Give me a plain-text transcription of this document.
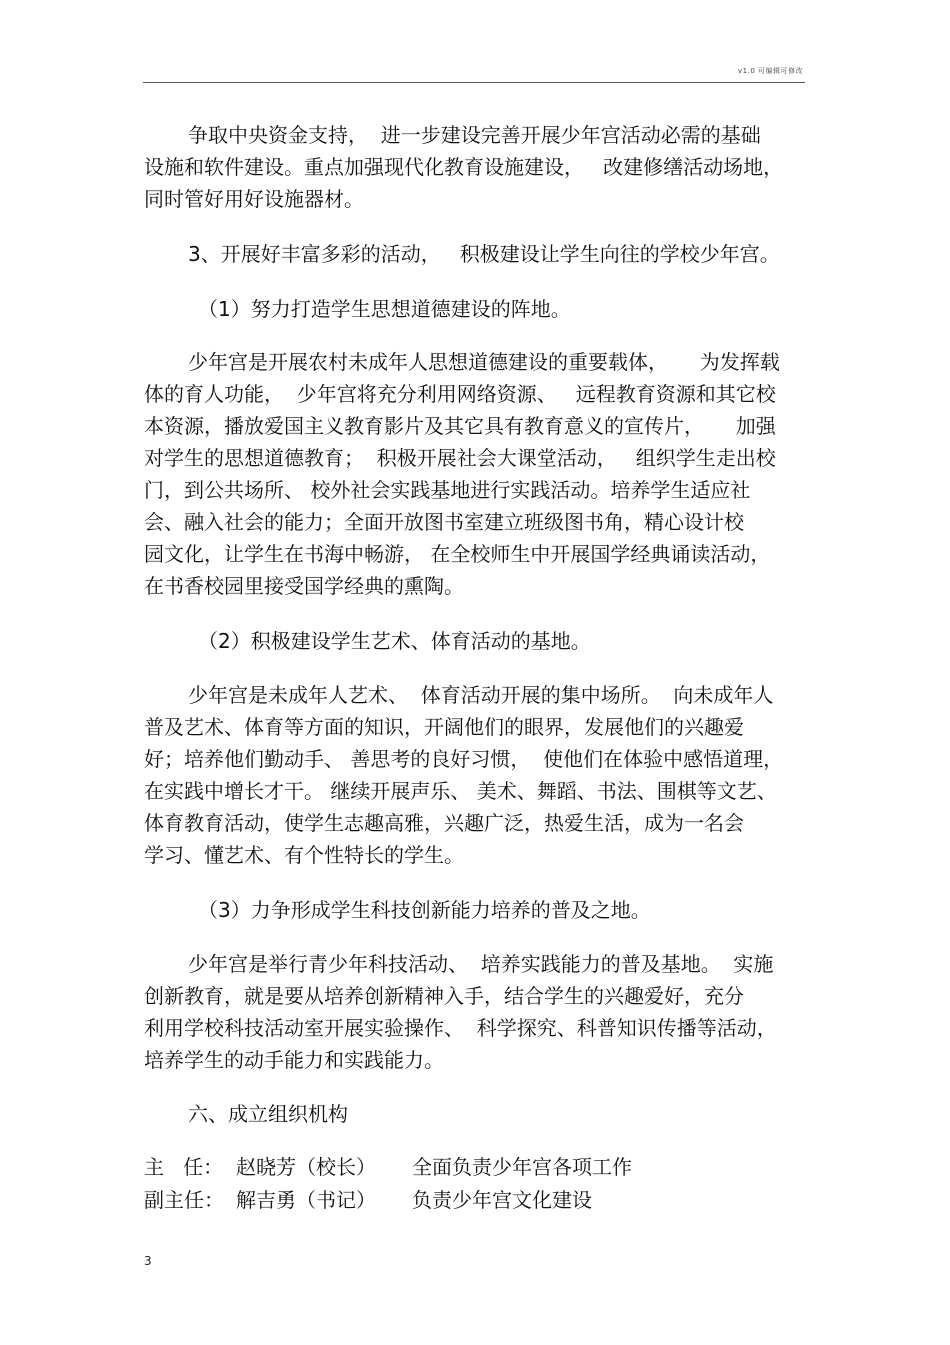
v1.0 可编辑可修改
争取中央资金支持，  进一步建设完善开展少年宫活动必需的基础
设施和软件建设。重点加强现代化教育设施建设，   改建修缮活动场地，
同时管好用好设施器材。
3、开展好丰富多彩的活动，   积极建设让学生向往的学校少年宫。
（1）努力打造学生思想道德建设的阵地。
少年宫是开展农村未成年人思想道德建设的重要载体，     为发挥载
体的育人功能，  少年宫将充分利用网络资源、   远程教育资源和其它校
本资源，播放爱国主义教育影片及其它具有教育意义的宣传片，     加强
对学生的思想道德教育；  积极开展社会大课堂活动，   组织学生走出校
门，到公共场所、 校外社会实践基地进行实践活动。培养学生适应社
会、融入社会的能力；全面开放图书室建立班级图书角，精心设计校
园文化，让学生在书海中畅游， 在全校师生中开展国学经典诵读活动，
在书香校园里接受国学经典的熏陶。
（2）积极建设学生艺术、体育活动的基地。
少年宫是未成年人艺术、  体育活动开展的集中场所。  向未成年人
普及艺术、体育等方面的知识，开阔他们的眼界，发展他们的兴趣爱
好；培养他们勤动手、 善思考的良好习惯，  使他们在体验中感悟道理，
在实践中增长才干。 继续开展声乐、 美术、舞蹈、书法、围棋等文艺、
体育教育活动，使学生志趣高雅，兴趣广泛，热爱生活，成为一名会
学习、懂艺术、有个性特长的学生。
（3）力争形成学生科技创新能力培养的普及之地。
少年宫是举行青少年科技活动、  培养实践能力的普及基地。  实施
创新教育，就是要从培养创新精神入手，结合学生的兴趣爱好，充分
利用学校科技活动室开展实验操作、  科学探究、科普知识传播等活动，
培养学生的动手能力和实践能力。
六、成立组织机构
主   任： 赵晓芳（校长） 全面负责少年宫各项工作
副主任： 解吉勇（书记） 负责少年宫文化建设
3
